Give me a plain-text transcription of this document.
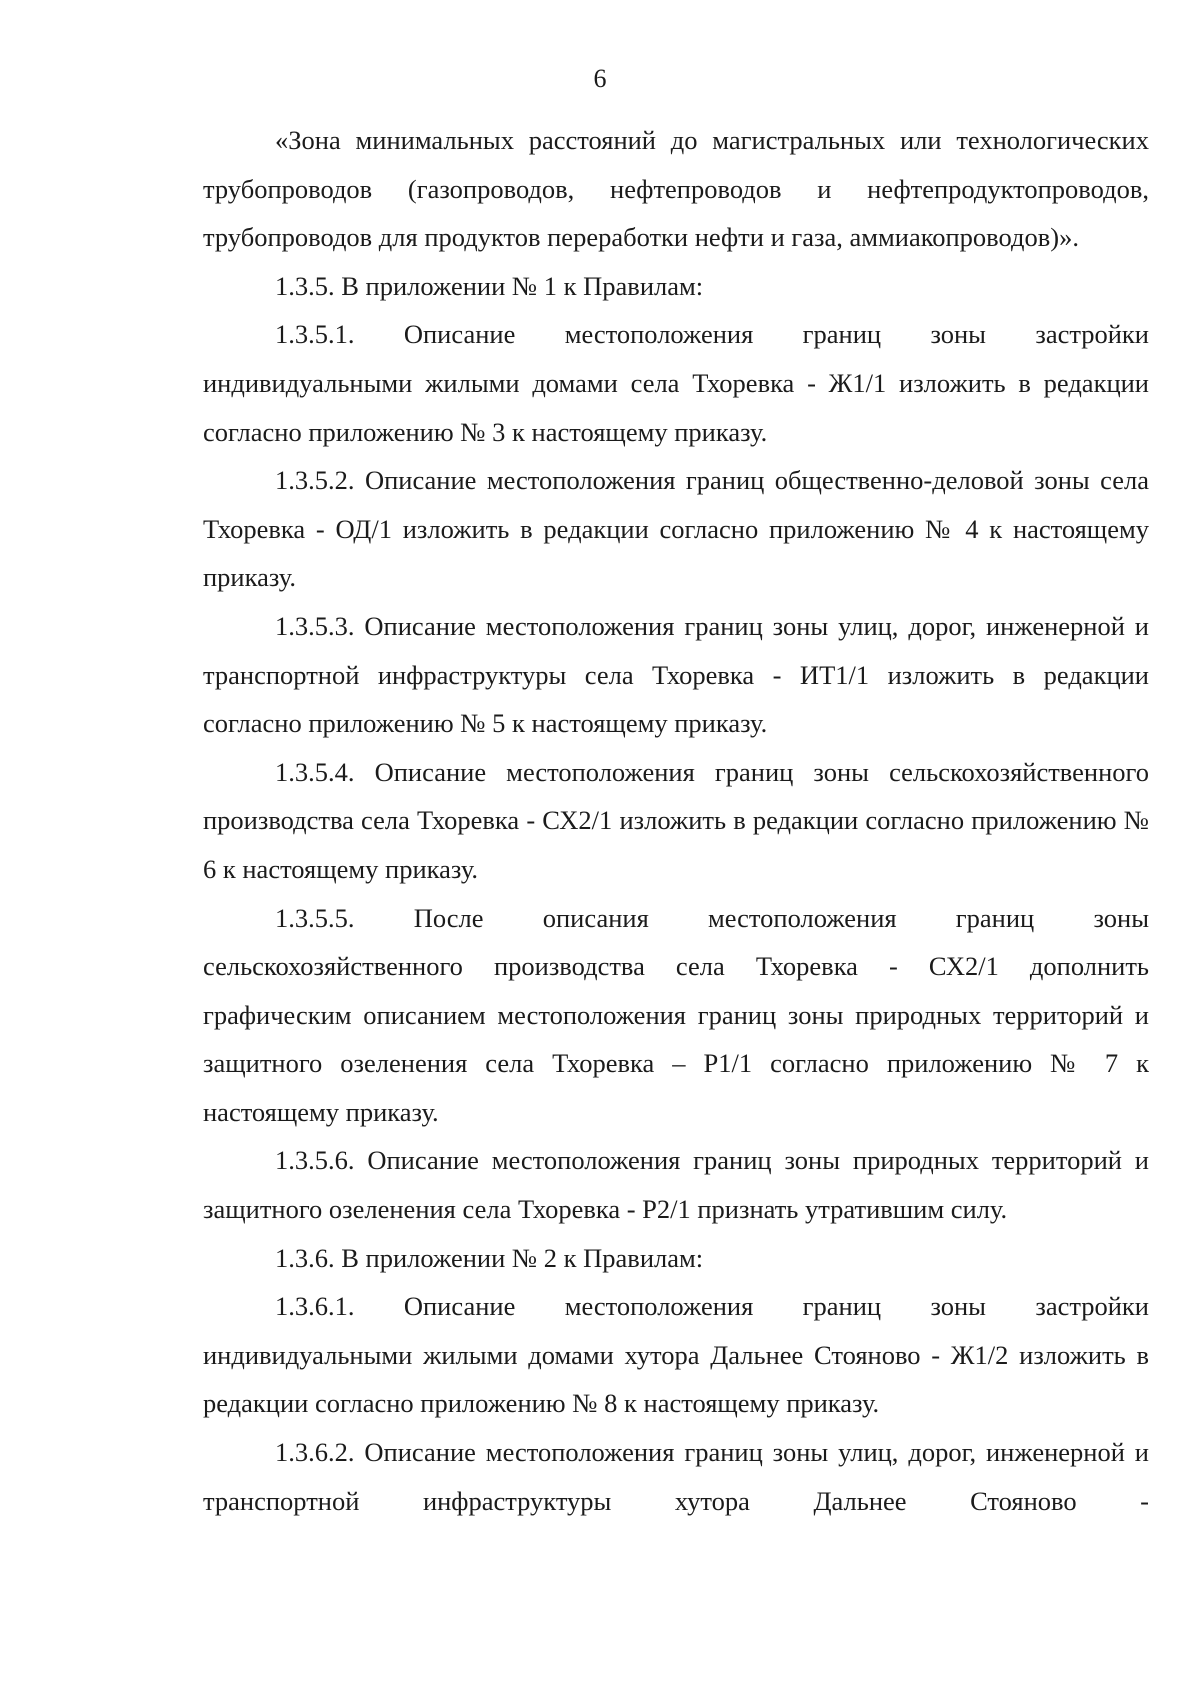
6

«Зона минимальных расстояний до магистральных или технологических трубопроводов (газопроводов, нефтепроводов и нефтепродуктопроводов, трубопроводов для продуктов переработки нефти и газа, аммиакопроводов)».

1.3.5. В приложении № 1 к Правилам:

1.3.5.1. Описание местоположения границ зоны застройки индивидуальными жилыми домами села Тхоревка - Ж1/1 изложить в редакции согласно приложению № 3 к настоящему приказу.

1.3.5.2. Описание местоположения границ общественно-деловой зоны села Тхоревка - ОД/1 изложить в редакции согласно приложению № 4 к настоящему приказу.

1.3.5.3. Описание местоположения границ зоны улиц, дорог, инженерной и транспортной инфраструктуры села Тхоревка - ИТ1/1 изложить в редакции согласно приложению № 5 к настоящему приказу.

1.3.5.4. Описание местоположения границ зоны сельскохозяйственного производства села Тхоревка - СХ2/1 изложить в редакции согласно приложению № 6 к настоящему приказу.

1.3.5.5. После описания местоположения границ зоны сельскохозяйственного производства села Тхоревка - СХ2/1 дополнить графическим описанием местоположения границ зоны природных территорий и защитного озеленения села Тхоревка – Р1/1 согласно приложению № 7 к настоящему приказу.

1.3.5.6. Описание местоположения границ зоны природных территорий и защитного озеленения села Тхоревка - Р2/1 признать утратившим силу.

1.3.6. В приложении № 2 к Правилам:

1.3.6.1. Описание местоположения границ зоны застройки индивидуальными жилыми домами хутора Дальнее Стояново - Ж1/2 изложить в редакции согласно приложению № 8 к настоящему приказу.

1.3.6.2. Описание местоположения границ зоны улиц, дорог, инженерной и транспортной инфраструктуры хутора Дальнее Стояново -
